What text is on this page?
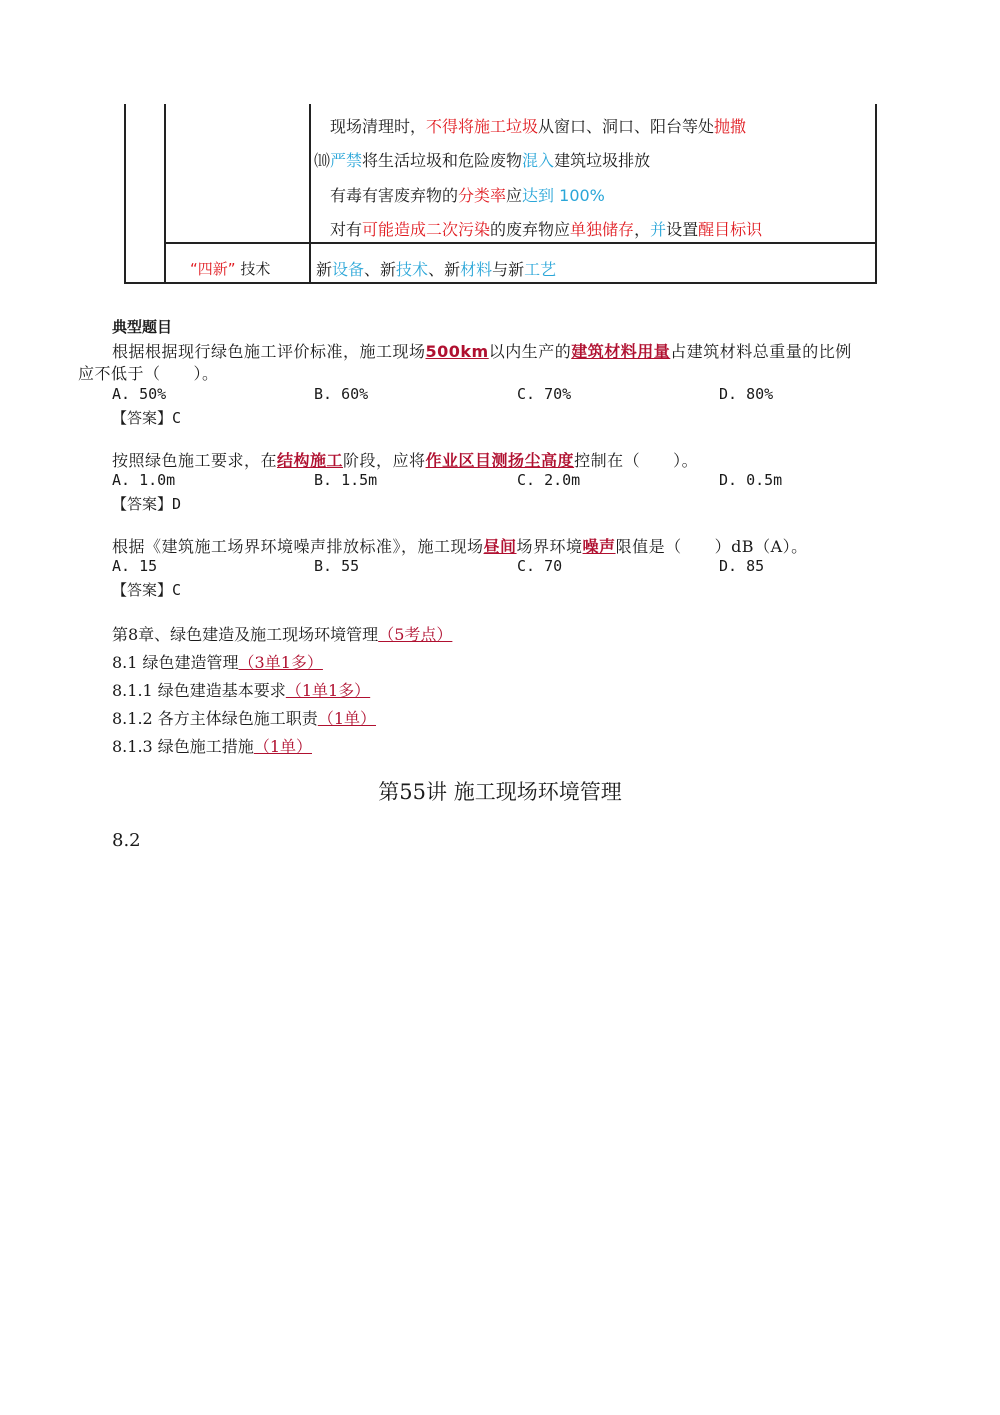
现场清理时，不得将施工垃圾从窗口、洞口、阳台等处抛撒
⑽严禁将生活垃圾和危险废物混入建筑垃圾排放
有毒有害废弃物的分类率应达到 100%
对有可能造成二次污染的废弃物应单独储存，并设置醒目标识
“四新” 技术	新设备、新技术、新材料与新工艺
典型题目
根据根据现行绿色施工评价标准，施工现场500km以内生产的建筑材料用量占建筑材料总重量的比例
应不低于（　　）。
A. 50%	B. 60%	C. 70%	D. 80%
【答案】C
按照绿色施工要求，在结构施工阶段，应将作业区目测扬尘高度控制在（　　）。
A. 1.0m	B. 1.5m	C. 2.0m	D. 0.5m
【答案】D
根据《建筑施工场界环境噪声排放标准》，施工现场昼间场界环境噪声限值是（　　）dB（A）。
A. 15	B. 55	C. 70	D. 85
【答案】C
第8章、绿色建造及施工现场环境管理（5考点）
8.1 绿色建造管理（3单1多）
8.1.1 绿色建造基本要求（1单1多）
8.1.2 各方主体绿色施工职责（1单）
8.1.3 绿色施工措施（1单）
第55讲 施工现场环境管理
8.2
